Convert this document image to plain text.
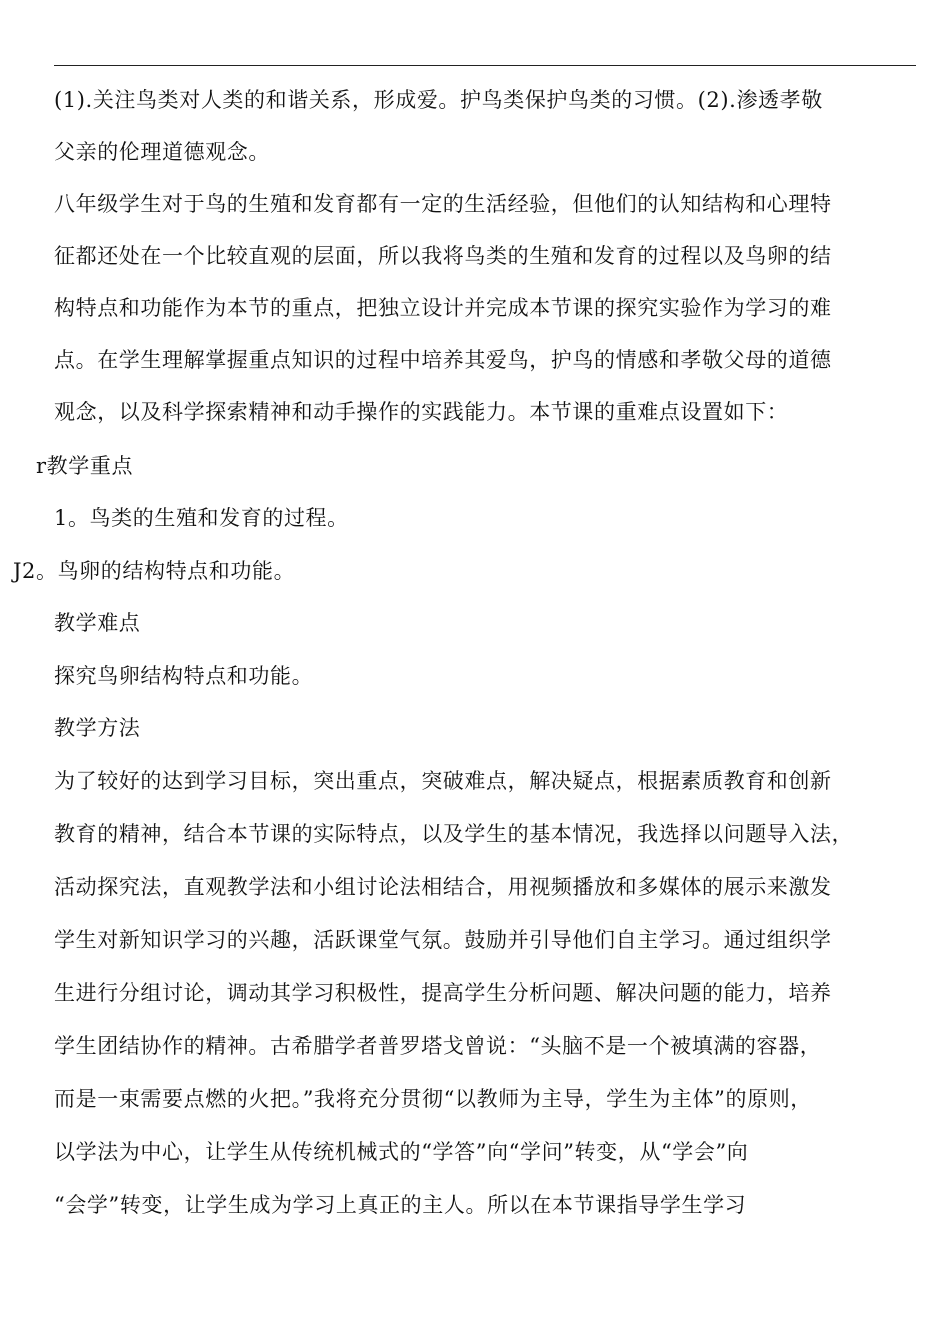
(1).关注鸟类对人类的和谐关系，形成爱。护鸟类保护鸟类的习惯。(2).渗透孝敬
父亲的伦理道德观念。
八年级学生对于鸟的生殖和发育都有一定的生活经验，但他们的认知结构和心理特
征都还处在一个比较直观的层面，所以我将鸟类的生殖和发育的过程以及鸟卵的结
构特点和功能作为本节的重点，把独立设计并完成本节课的探究实验作为学习的难
点。在学生理解掌握重点知识的过程中培养其爱鸟，护鸟的情感和孝敬父母的道德
观念，以及科学探索精神和动手操作的实践能力。本节课的重难点设置如下：
r教学重点
1。鸟类的生殖和发育的过程。
J2。鸟卵的结构特点和功能。
教学难点
探究鸟卵结构特点和功能。
教学方法
为了较好的达到学习目标，突出重点，突破难点，解决疑点，根据素质教育和创新
教育的精神，结合本节课的实际特点，以及学生的基本情况，我选择以问题导入法，
活动探究法，直观教学法和小组讨论法相结合，用视频播放和多媒体的展示来激发
学生对新知识学习的兴趣，活跃课堂气氛。鼓励并引导他们自主学习。通过组织学
生进行分组讨论，调动其学习积极性，提高学生分析问题、解决问题的能力，培养
学生团结协作的精神。古希腊学者普罗塔戈曾说：“头脑不是一个被填满的容器，
而是一束需要点燃的火把。”我将充分贯彻“以教师为主导，学生为主体”的原则，
以学法为中心，让学生从传统机械式的“学答”向“学问”转变，从“学会”向
“会学”转变，让学生成为学习上真正的主人。所以在本节课指导学生学习
